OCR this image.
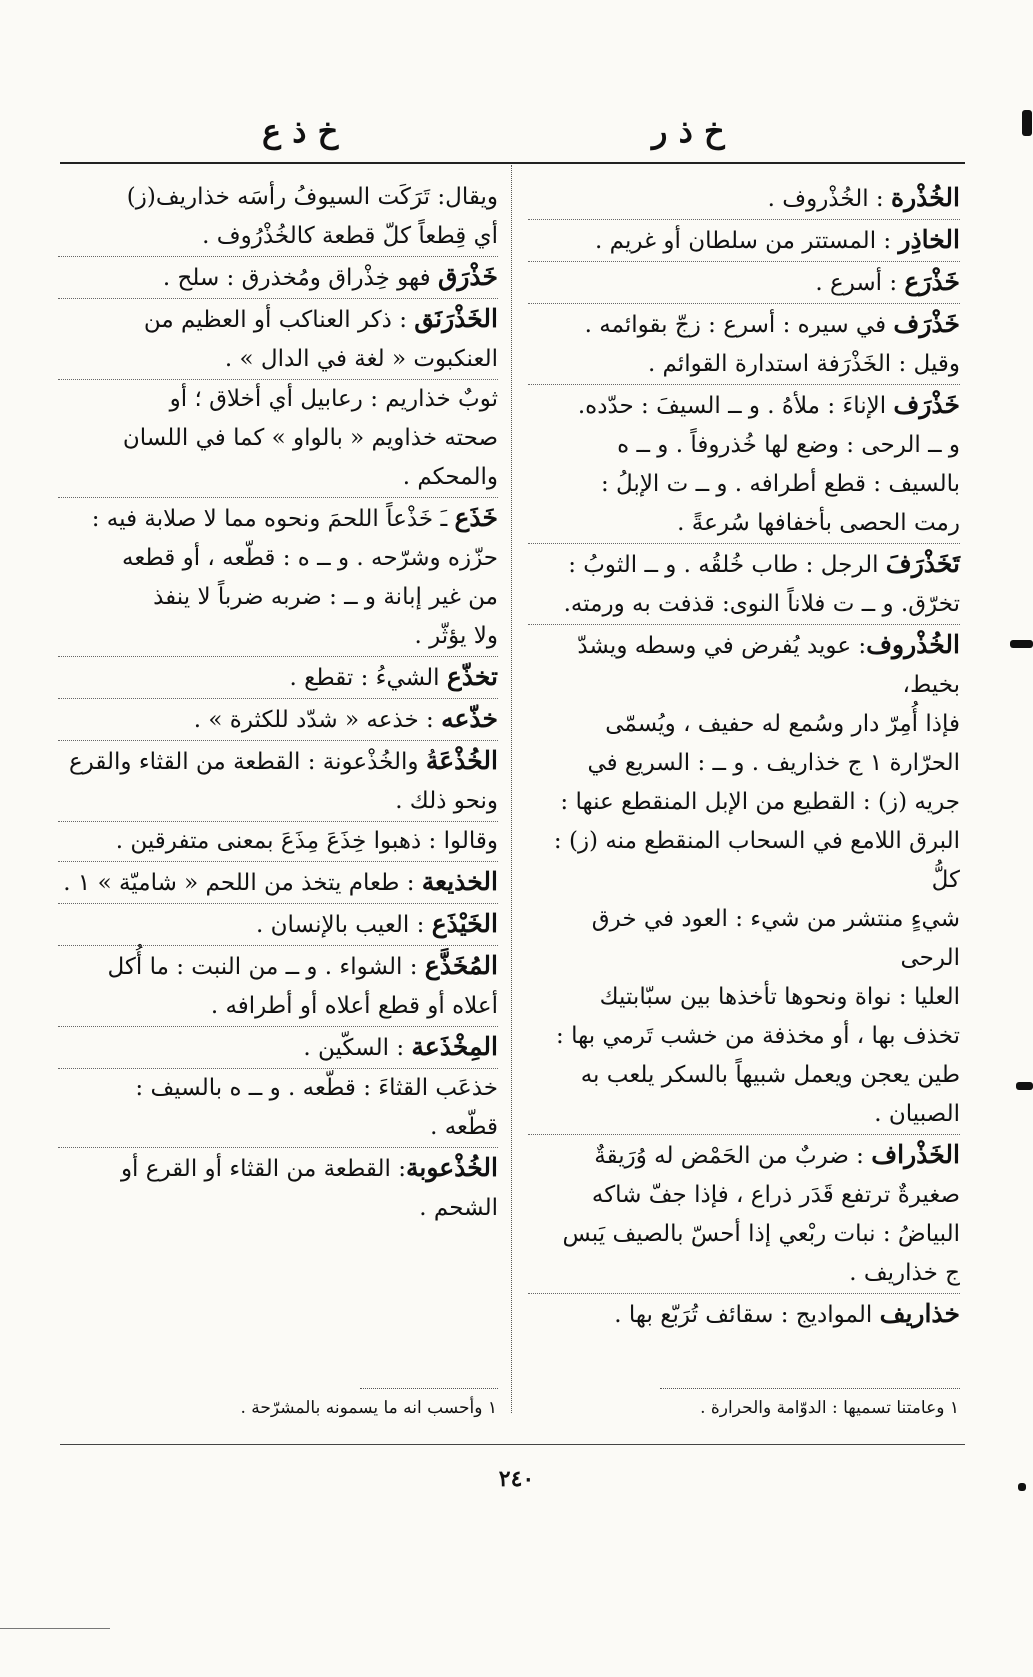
خ ذ ر
خ ذ ع

الخُذْرة : الخُذْروف .

الخاذِر : المستتر من سلطان أو غريم .

خَذْرَع : أسرع .

خَذْرَف في سيره : أسرع : زجّ بقوائمه .

وقيل : الخَذْرَفة استدارة القوائم .

خَذْرَف الإناءَ : ملأهُ . و ــ السيفَ : حدّده.

و ــ الرحى : وضع لها خُذروفاً . و ــ ه

بالسيف : قطع أطرافه . و ــ ت الإبلُ :

رمت الحصى بأخفافها سُرعةً .

تَخَذْرَفَ الرجل : طاب خُلقُه . و ــ الثوبُ :

تخرّق. و ــ ت فلاناً النوى: قذفت به ورمته.

الخُذْروف: عويد يُفرض في وسطه ويشدّ بخيط،

فإذا أُمِرّ دار وسُمع له حفيف ، ويُسمّى

الحرّارة ١ ج خذاريف . و ــ : السريع في

جريه (ز) : القطيع من الإبل المنقطع عنها :

البرق اللامع في السحاب المنقطع منه (ز) : كلُّ

شيءٍ منتشر من شيء : العود في خرق الرحى

العليا : نواة ونحوها تأخذها بين سبّابتيك

تخذف بها ، أو مخذفة من خشب تَرمي بها :

طين يعجن ويعمل شبيهاً بالسكر يلعب به

الصبيان .

الخَذْراف : ضربٌ من الحَمْض له وُرَيقةٌ

صغيرةٌ ترتفع قَدَر ذراع ، فإذا جفّ شاكه

البياضُ : نبات ربْعي إذا أحسّ بالصيف يَبس

ج خذاريف .

خذاريف المواديج : سقائف تُرَبّع بها .

ويقال: تَرَكَت السيوفُ رأسَه خذاريف(ز)

أي قِطعاً كلّ قطعة كالخُذْرُوف .

خَذْرَق فهو خِذْراق ومُخذرق : سلح .

الخَذْرَنَق : ذكر العناكب أو العظيم من

العنكبوت « لغة في الدال » .

ثوبٌ خذاريم : رعابيل أي أخلاق ؛ أو

صحته خذاويم « بالواو » كما في اللسان والمحكم .

خَذَع ـَ خَذْعاً اللحمَ ونحوه مما لا صلابة فيه :

حزّزه وشرّحه . و ــ ه : قطّعه ، أو قطعه

من غير إبانة و ــ : ضربه ضرباً لا ينفذ

ولا يؤثّر .

تخذّع الشيءُ : تقطع .

خذّعه : خذعه « شدّد للكثرة » .

الخُذْعَةُ والخُذْعونة : القطعة من القثاء والقرع

ونحو ذلك .

وقالوا : ذهبوا خِذَعَ مِذَعَ بمعنى متفرقين .

الخذيعة : طعام يتخذ من اللحم « شاميّة » ١ .

الخَيْذَع : العيب بالإنسان .

المُخَذَّع : الشواء . و ــ من النبت : ما أُكل

أعلاه أو قطع أعلاه أو أطرافه .

المِخْذَعة : السكّين .

خذعَب القثاءَ : قطّعه . و ــ ه بالسيف :

قطّعه .

الخُذْعوبة: القطعة من القثاء أو القرع أو الشحم .

١ وعامتنا تسميها : الدوّامة والحرارة .
١ وأحسب انه ما يسمونه بالمشرّحة .
٢٤٠
